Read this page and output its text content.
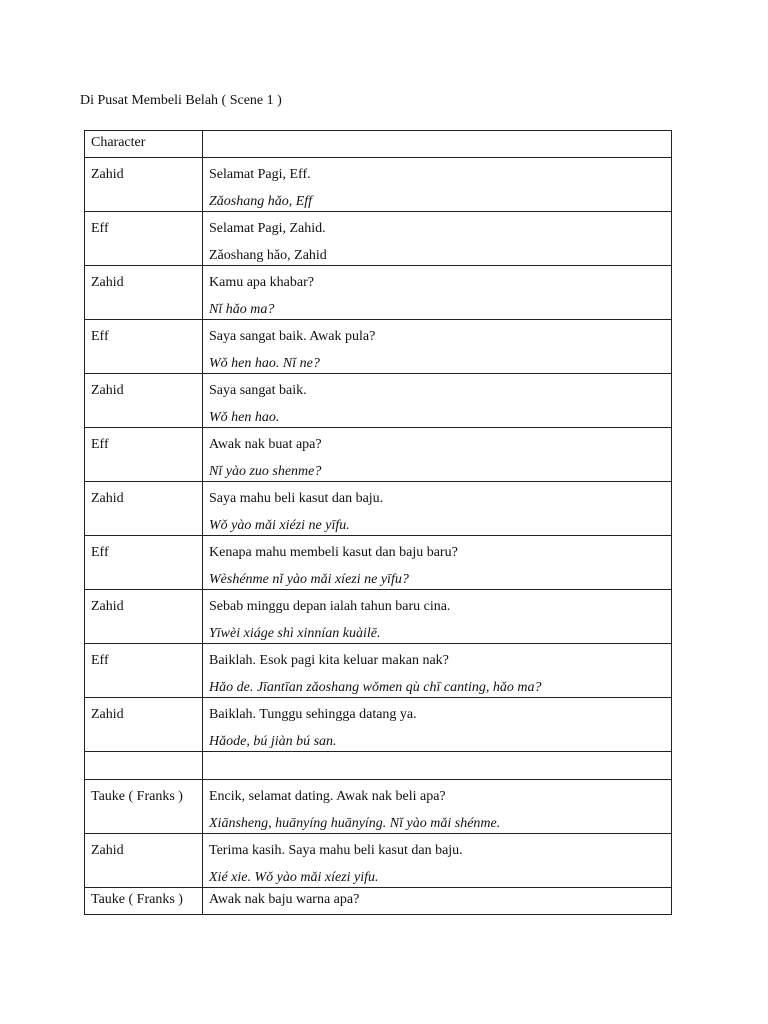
Di Pusat Membeli Belah ( Scene 1 )
Character	
Zahid	Selamat Pagi, Eff.
Zǎoshang hǎo, Eff

Eff	Selamat Pagi, Zahid.
Zǎoshang hǎo, Zahid

Zahid	Kamu apa khabar?
Nǐ hǎo ma?

Eff	Saya sangat baik. Awak pula?
Wǒ hen hao. Nǐ ne?

Zahid	Saya sangat baik.
Wǒ hen hao.

Eff	Awak nak buat apa?
Nǐ yào zuo shenme?

Zahid	Saya mahu beli kasut dan baju.
Wǒ yào mǎi xiézi ne yīfu.

Eff	Kenapa mahu membeli kasut dan baju baru?
Wèshénme nǐ yào mǎi xíezi ne yīfu?

Zahid	Sebab minggu depan ialah tahun baru cina.
Yīwèi xiáge shì xinnían kuàilē.

Eff	Baiklah. Esok pagi kita keluar makan nak?
Hǎo de. Jīantīan zǎoshang wǒmen qù chī canting, hǎo ma?

Zahid	Baiklah. Tunggu sehingga datang ya.
Hǎode, bú jiàn bú san.

Tauke ( Franks )	Encik, selamat dating. Awak nak beli apa?
Xiānsheng, huānyíng huānyíng. Nǐ yào mǎi shénme.

Zahid	Terima kasih. Saya mahu beli kasut dan baju.
Xié xie. Wǒ yào mǎi xíezi yifu.

Tauke ( Franks )	Awak nak baju warna apa?
